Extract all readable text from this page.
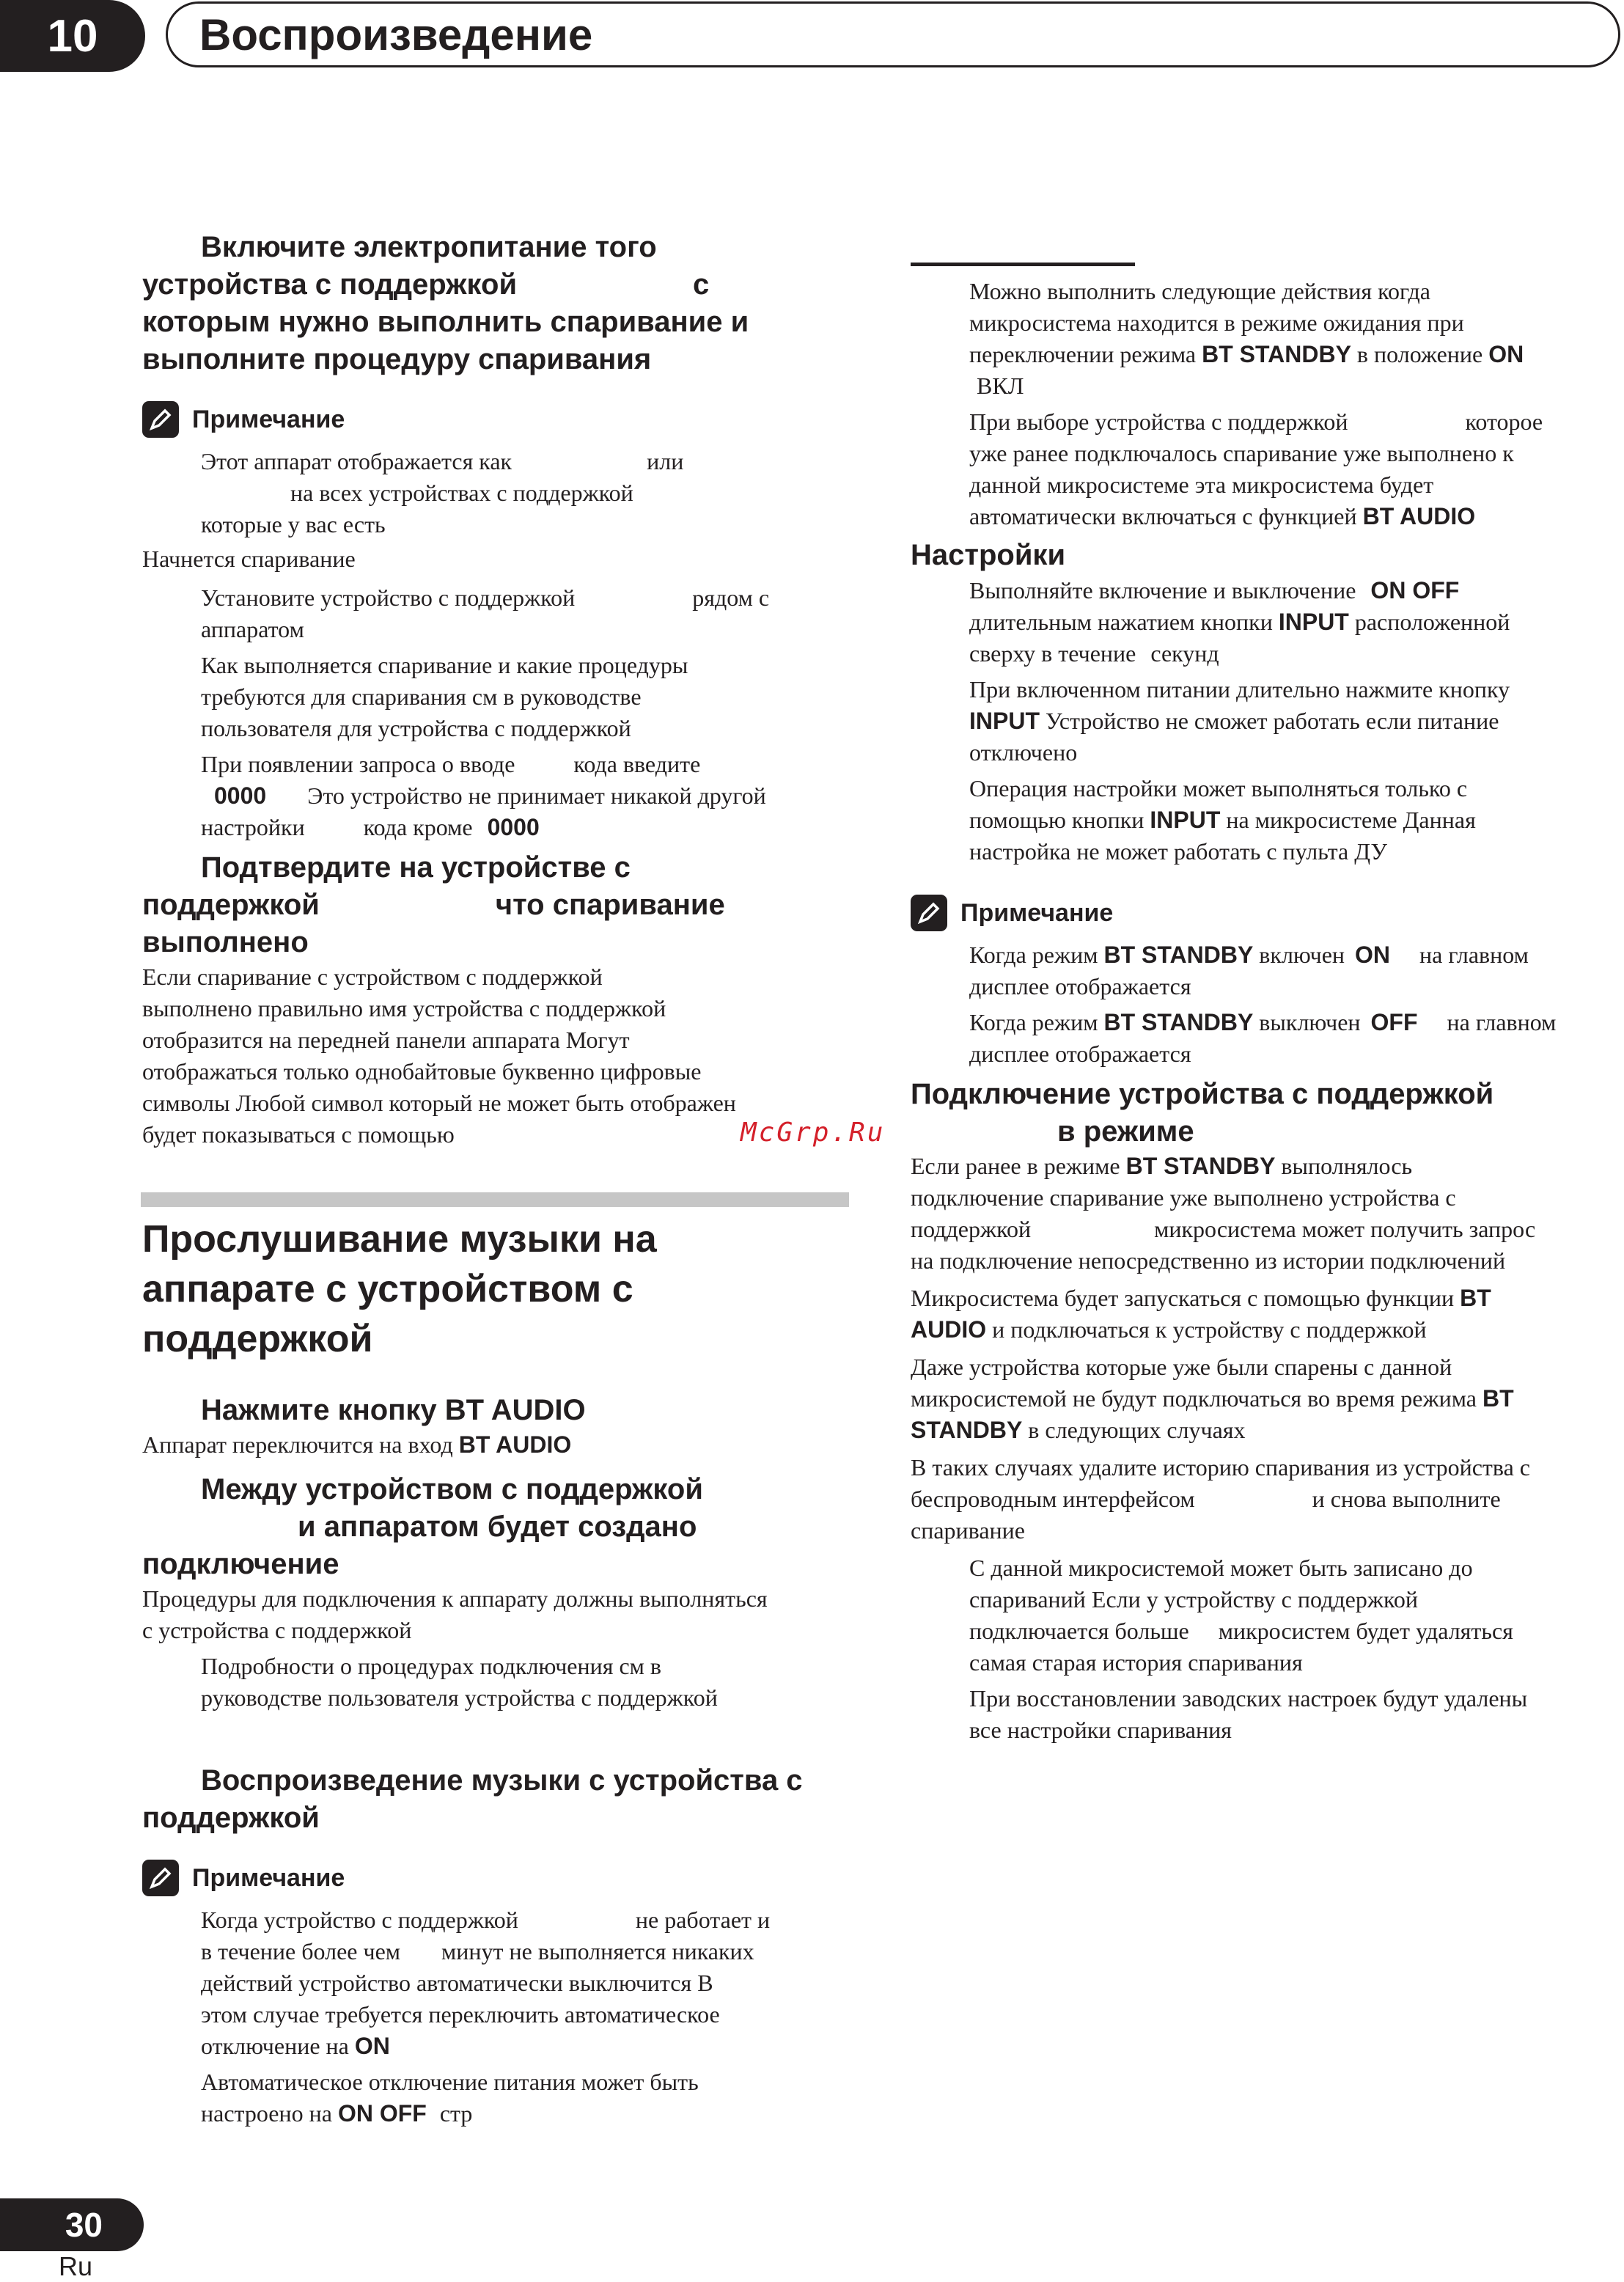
10 Воспроизведение
Включите электропитание того
устройства с поддержкой	с
которым нужно выполнить спаривание и
выполните процедуру спаривания
Примечание
Этот аппарат отображается как	или
на всех устройствах с поддержкой
которые у вас есть
Начнется спаривание
Установите устройство с поддержкой	рядом с
аппаратом
Как выполняется спаривание и какие процедуры
требуются для спаривания см в руководстве
пользователя для устройства с поддержкой
При появлении запроса о вводе	кода введите
0000 Это устройство не принимает никакой другой
настройки	кода кроме 0000
Подтвердите на устройстве с
поддержкой	что спаривание
выполнено
Если спаривание с устройством с поддержкой
выполнено правильно имя устройства с поддержкой
отобразится на передней панели аппарата Могут
отображаться только однобайтовые буквенно цифровые
символы Любой символ который не может быть отображен
будет показываться с помощью	McGrp.Ru
Прослушивание музыки на
аппарате с устройством с
поддержкой
Нажмите кнопку BT AUDIO
Аппарат переключится на вход BT AUDIO
Между устройством с поддержкой
и аппаратом будет создано
подключение
Процедуры для подключения к аппарату должны выполняться
с устройства с поддержкой
Подробности о процедурах подключения см в
руководстве пользователя устройства с поддержкой
Воспроизведение музыки с устройства с
поддержкой
Примечание
Когда устройство с поддержкой	не работает и
в течение более чем минут не выполняется никаких
действий устройство автоматически выключится В
этом случае требуется переключить автоматическое
отключение на ON
Автоматическое отключение питания может быть
настроено на ON OFF стр
Можно выполнить следующие действия когда
микросистема находится в режиме ожидания при
переключении режима BT STANDBY в положение ON
ВКЛ
При выборе устройства с поддержкой	которое
уже ранее подключалось спаривание уже выполнено к
данной микросистеме эта микросистема будет
автоматически включаться с функцией BT AUDIO
Настройки
Выполняйте включение и выключение ON OFF
длительным нажатием кнопки INPUT расположенной
сверху в течение секунд
При включенном питании длительно нажмите кнопку
INPUT Устройство не сможет работать если питание
отключено
Операция настройки может выполняться только с
помощью кнопки INPUT на микросистеме Данная
настройка не может работать с пульта ДУ
Примечание
Когда режим BT STANDBY включен ON на главном
дисплее отображается
Когда режим BT STANDBY выключен OFF на главном
дисплее отображается
Подключение устройства с поддержкой
в режиме
Если ранее в режиме BT STANDBY выполнялось
подключение спаривание уже выполнено устройства с
поддержкой	микросистема может получить запрос
на подключение непосредственно из истории подключений
Микросистема будет запускаться с помощью функции BT
AUDIO и подключаться к устройству с поддержкой
Даже устройства которые уже были спарены с данной
микросистемой не будут подключаться во время режима BT
STANDBY в следующих случаях
В таких случаях удалите историю спаривания из устройства с
беспроводным интерфейсом	и снова выполните
спаривание
С данной микросистемой может быть записано до
спариваний Если у устройству с поддержкой
подключается больше микросистем будет удаляться
самая старая история спаривания
При восстановлении заводских настроек будут удалены
все настройки спаривания
30
Ru
